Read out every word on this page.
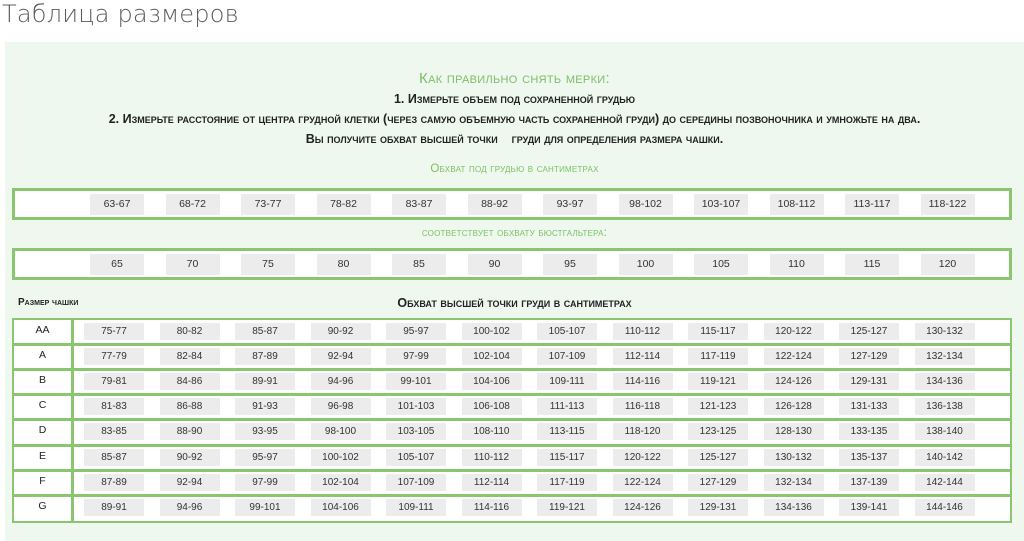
Таблица размеров
Как правильно снять мерки:
1. Измерьте объем под сохраненной грудью
2. Измерьте расстояние от центра грудной клетки (через самую объемную часть сохраненной груди) до середины позвоночника и умножьте на два.
Вы получите обхват высшей точки    груди для определения размера чашки.
Обхват под грудью в сантиметрах
63-67	68-72	73-77	78-82	83-87	88-92	93-97	98-102	103-107	108-112	113-117	118-122
соответствует обхвату бюстгальтера:
65	70	75	80	85	90	95	100	105	110	115	120
Размер чашки	Обхват высшей точки груди в сантиметрах
AA	75-77	80-82	85-87	90-92	95-97	100-102	105-107	110-112	115-117	120-122	125-127	130-132
A	77-79	82-84	87-89	92-94	97-99	102-104	107-109	112-114	117-119	122-124	127-129	132-134
B	79-81	84-86	89-91	94-96	99-101	104-106	109-111	114-116	119-121	124-126	129-131	134-136
C	81-83	86-88	91-93	96-98	101-103	106-108	111-113	116-118	121-123	126-128	131-133	136-138
D	83-85	88-90	93-95	98-100	103-105	108-110	113-115	118-120	123-125	128-130	133-135	138-140
E	85-87	90-92	95-97	100-102	105-107	110-112	115-117	120-122	125-127	130-132	135-137	140-142
F	87-89	92-94	97-99	102-104	107-109	112-114	117-119	122-124	127-129	132-134	137-139	142-144
G	89-91	94-96	99-101	104-106	109-111	114-116	119-121	124-126	129-131	134-136	139-141	144-146
